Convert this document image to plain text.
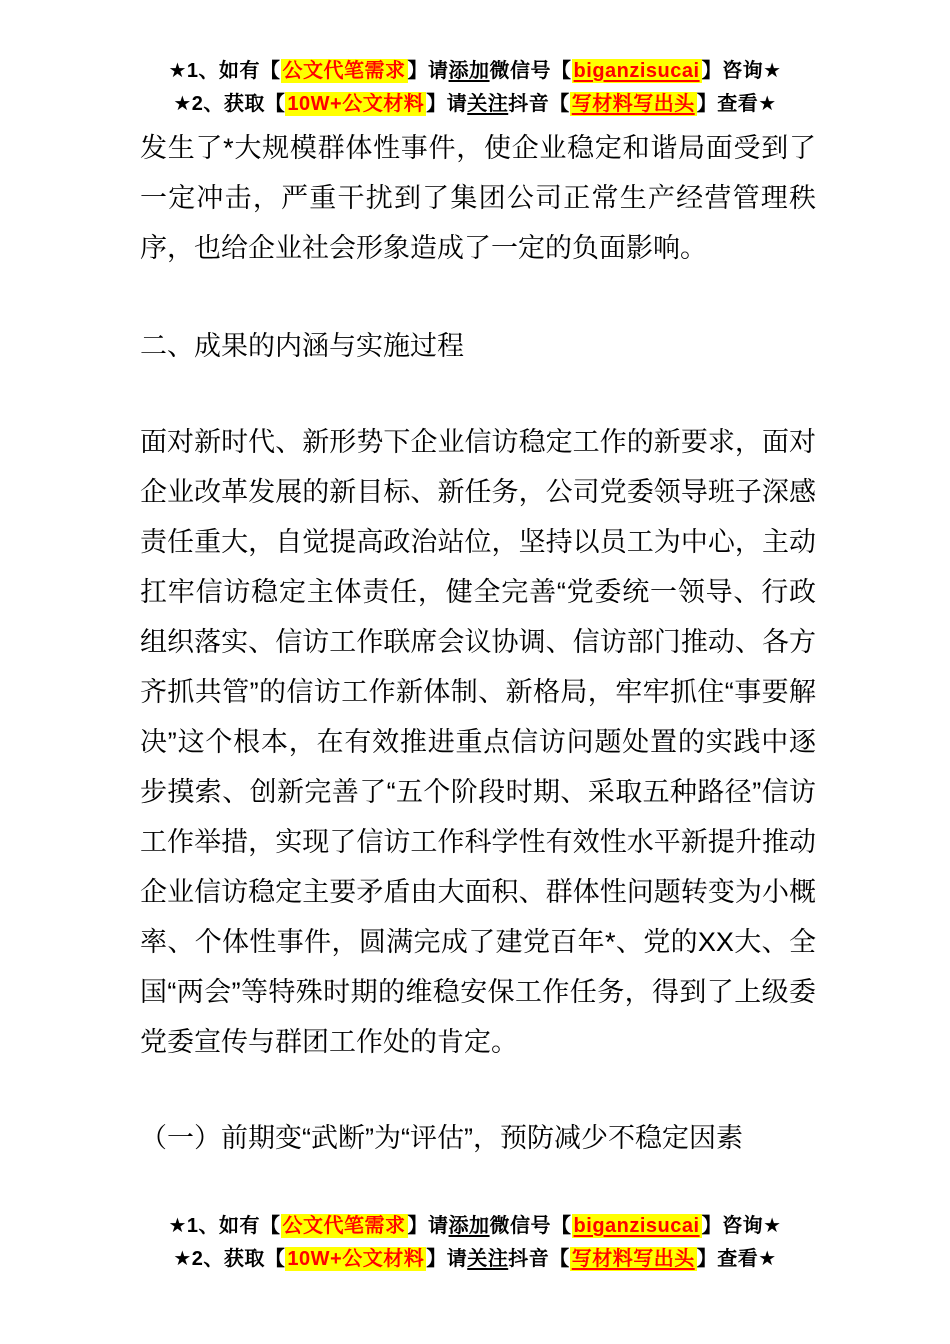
★1、如有【 公文代笔需求 】请添加微信号【 biganzisucai 】咨询★
★2、获取【 10W+公文材料 】请关注抖音【 写材料写出头 】查看★

发生了*大规模群体性事件，使企业稳定和谐局面受到了一定冲击，严重干扰到了集团公司正常生产经营管理秩序，也给企业社会形象造成了一定的负面影响。

二、成果的内涵与实施过程

面对新时代、新形势下企业信访稳定工作的新要求，面对企业改革发展的新目标、新任务，公司党委领导班子深感责任重大，自觉提高政治站位，坚持以员工为中心，主动扛牢信访稳定主体责任，健全完善“党委统一领导、行政组织落实、信访工作联席会议协调、信访部门推动、各方齐抓共管”的信访工作新体制、新格局，牢牢抓住“事要解决”这个根本，在有效推进重点信访问题处置的实践中逐步摸索、创新完善了“五个阶段时期、采取五种路径”信访工作举措，实现了信访工作科学性有效性水平新提升推动企业信访稳定主要矛盾由大面积、群体性问题转变为小概率、个体性事件，圆满完成了建党百年*、党的XX大、全国“两会”等特殊时期的维稳安保工作任务，得到了上级委党委宣传与群团工作处的肯定。

（一）前期变“武断”为“评估”，预防减少不稳定因素
★1、如有【 公文代笔需求 】请添加微信号【 biganzisucai 】咨询★
★2、获取【 10W+公文材料 】请关注抖音【 写材料写出头 】查看★
